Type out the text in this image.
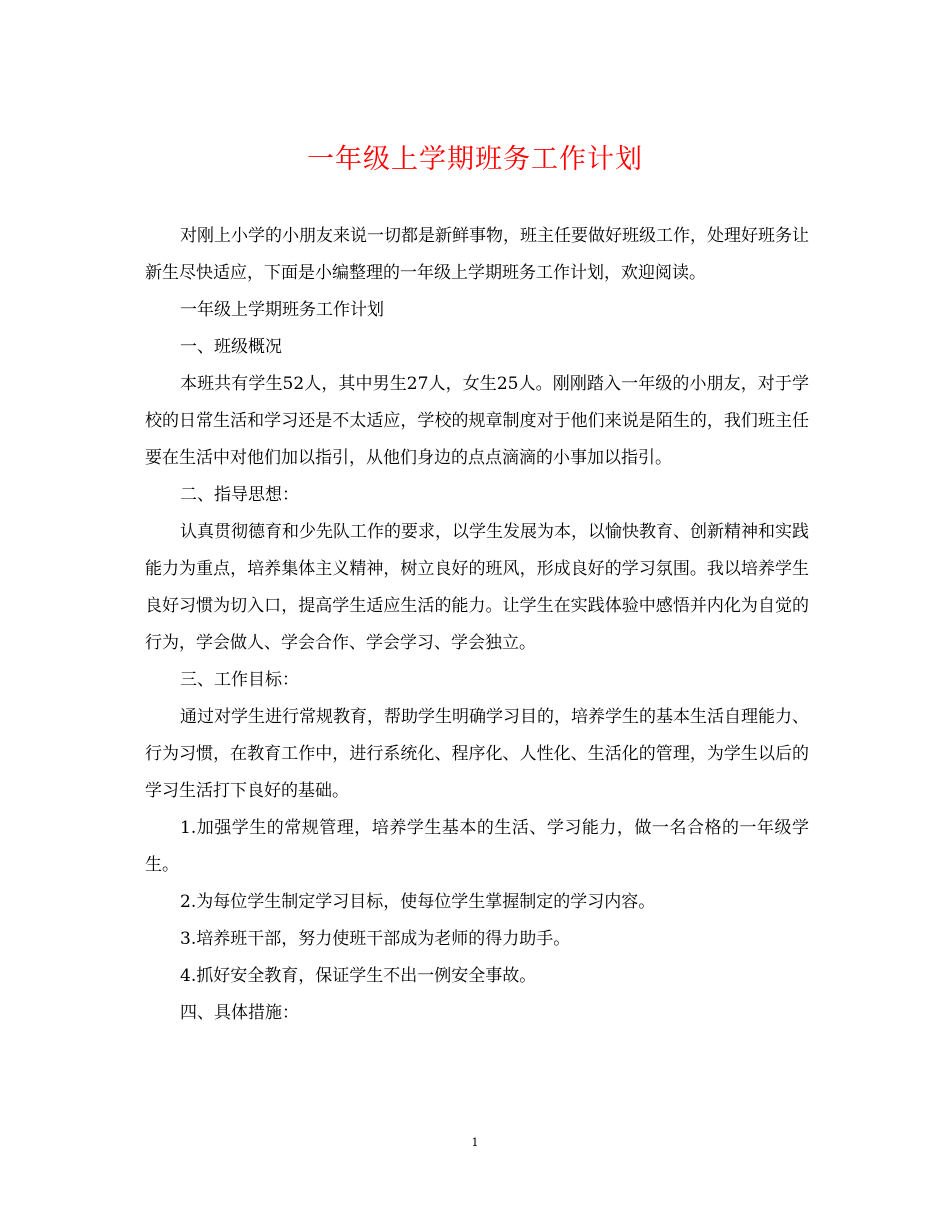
一年级上学期班务工作计划

对刚上小学的小朋友来说一切都是新鲜事物，班主任要做好班级工作，处理好班务让新生尽快适应，下面是小编整理的一年级上学期班务工作计划，欢迎阅读。

一年级上学期班务工作计划

一、班级概况

本班共有学生52人，其中男生27人，女生25人。刚刚踏入一年级的小朋友，对于学校的日常生活和学习还是不太适应，学校的规章制度对于他们来说是陌生的，我们班主任要在生活中对他们加以指引，从他们身边的点点滴滴的小事加以指引。

二、指导思想：

认真贯彻德育和少先队工作的要求，以学生发展为本，以愉快教育、创新精神和实践能力为重点，培养集体主义精神，树立良好的班风，形成良好的学习氛围。我以培养学生良好习惯为切入口，提高学生适应生活的能力。让学生在实践体验中感悟并内化为自觉的行为，学会做人、学会合作、学会学习、学会独立。

三、工作目标：

通过对学生进行常规教育，帮助学生明确学习目的，培养学生的基本生活自理能力、行为习惯，在教育工作中，进行系统化、程序化、人性化、生活化的管理，为学生以后的学习生活打下良好的基础。

1.加强学生的常规管理，培养学生基本的生活、学习能力，做一名合格的一年级学生。

2.为每位学生制定学习目标，使每位学生掌握制定的学习内容。

3.培养班干部，努力使班干部成为老师的得力助手。

4.抓好安全教育，保证学生不出一例安全事故。

四、具体措施：

1
